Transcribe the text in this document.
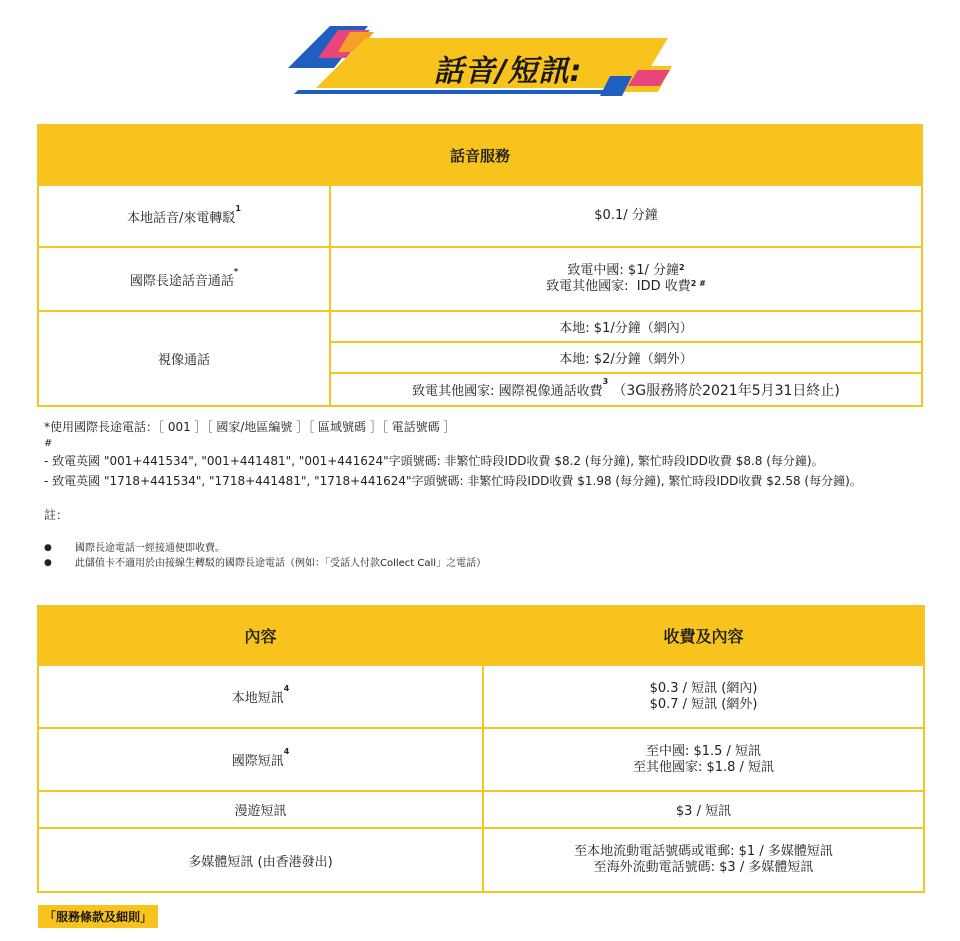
話音/短訊:
話音服務	
本地話音/來電轉駁$^1$	$0.1/ 分鐘

國際長途話音通話*	致電中國: $1/ 分鐘$^2$
致電其他國家:  IDD 收費$^{2 \#}$

視像通話	本地: $1/分鐘（網內）
	本地: $2/分鐘（網外）
	致電其他國家: 國際視像通話收費$^3$ （3G服務將於2021年5月31日終止)
*使用國際長途電話：［ 001 ］［ 國家/地區編號 ］［ 區域號碼 ］［ 電話號碼 ］
#
- 致電英國 "001+441534", "001+441481", "001+441624"字頭號碼: 非繁忙時段IDD收費 $8.2 (每分鐘), 繁忙時段IDD收費 $8.8 (每分鐘)。
- 致電英國 "1718+441534", "1718+441481", "1718+441624"字頭號碼: 非繁忙時段IDD收費 $1.98 (每分鐘), 繁忙時段IDD收費 $2.58 (每分鐘)。
註：
● 國際長途電話一經接通便即收費。
● 此儲值卡不適用於由接線生轉駁的國際長途電話（例如：「受話人付款Collect Call」之電話）
內容	收費及內容
本地短訊$^4$	$0.3 / 短訊 (網內)
$0.7 / 短訊 (網外)

國際短訊$^4$	至中國: $1.5 / 短訊
至其他國家: $1.8 / 短訊

漫遊短訊	$3 / 短訊
多媒體短訊 (由香港發出)	至本地流動電話號碼或電郵: $1 / 多媒體短訊
至海外流動電話號碼: $3 / 多媒體短訊
「服務條款及細則」
